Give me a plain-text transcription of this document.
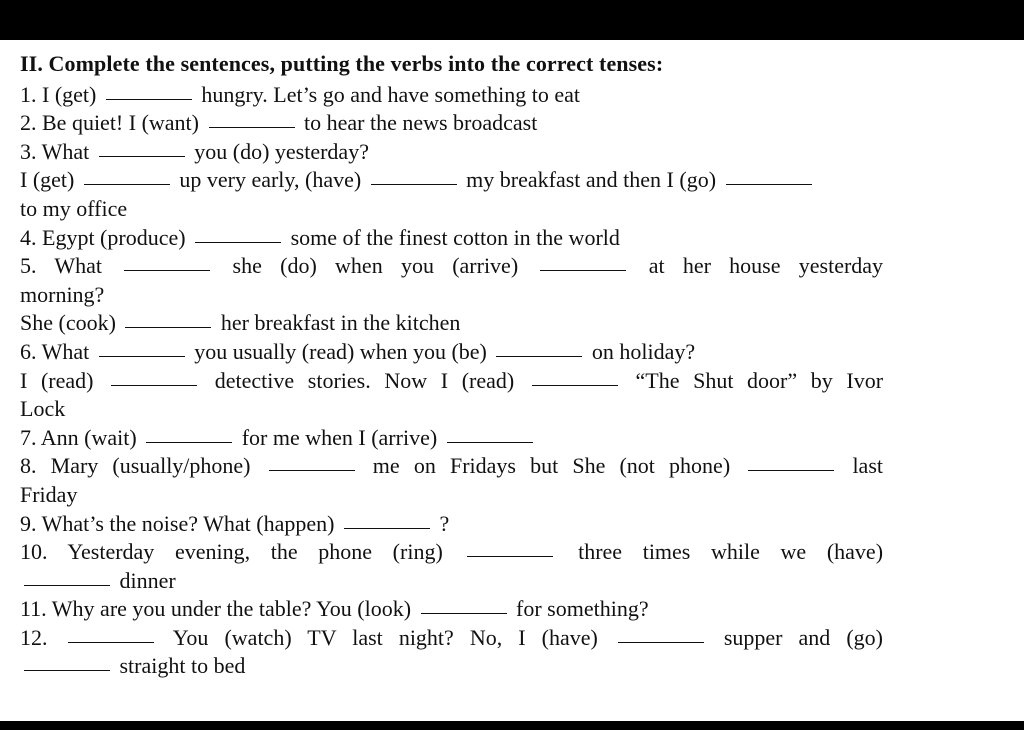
II. Complete the sentences, putting the verbs into the correct tenses:
1. I (get)	hungry. Let’s go and have something to eat
2. Be quiet! I (want)	to hear the news broadcast
3. What	you (do) yesterday?
I (get)	up very early, (have)	my breakfast and then I (go)
to my office
4. Egypt (produce)	some of the finest cotton in the world
5. What	she (do) when you (arrive)	at her house yesterday
morning?
She (cook)	her breakfast in the kitchen
6. What	you usually (read) when you (be)	on holiday?
I (read)	detective stories. Now I (read)	“The Shut door” by Ivor
Lock
7. Ann (wait)	for me when I (arrive)
8. Mary (usually/phone)	me on Fridays but She (not phone)	last
Friday
9. What’s the noise? What (happen)	?
10. Yesterday evening, the phone (ring)	three times while we (have)
dinner
11. Why are you under the table? You (look)	for something?
12.	You (watch) TV last night? No, I (have)	supper and (go)
straight to bed
